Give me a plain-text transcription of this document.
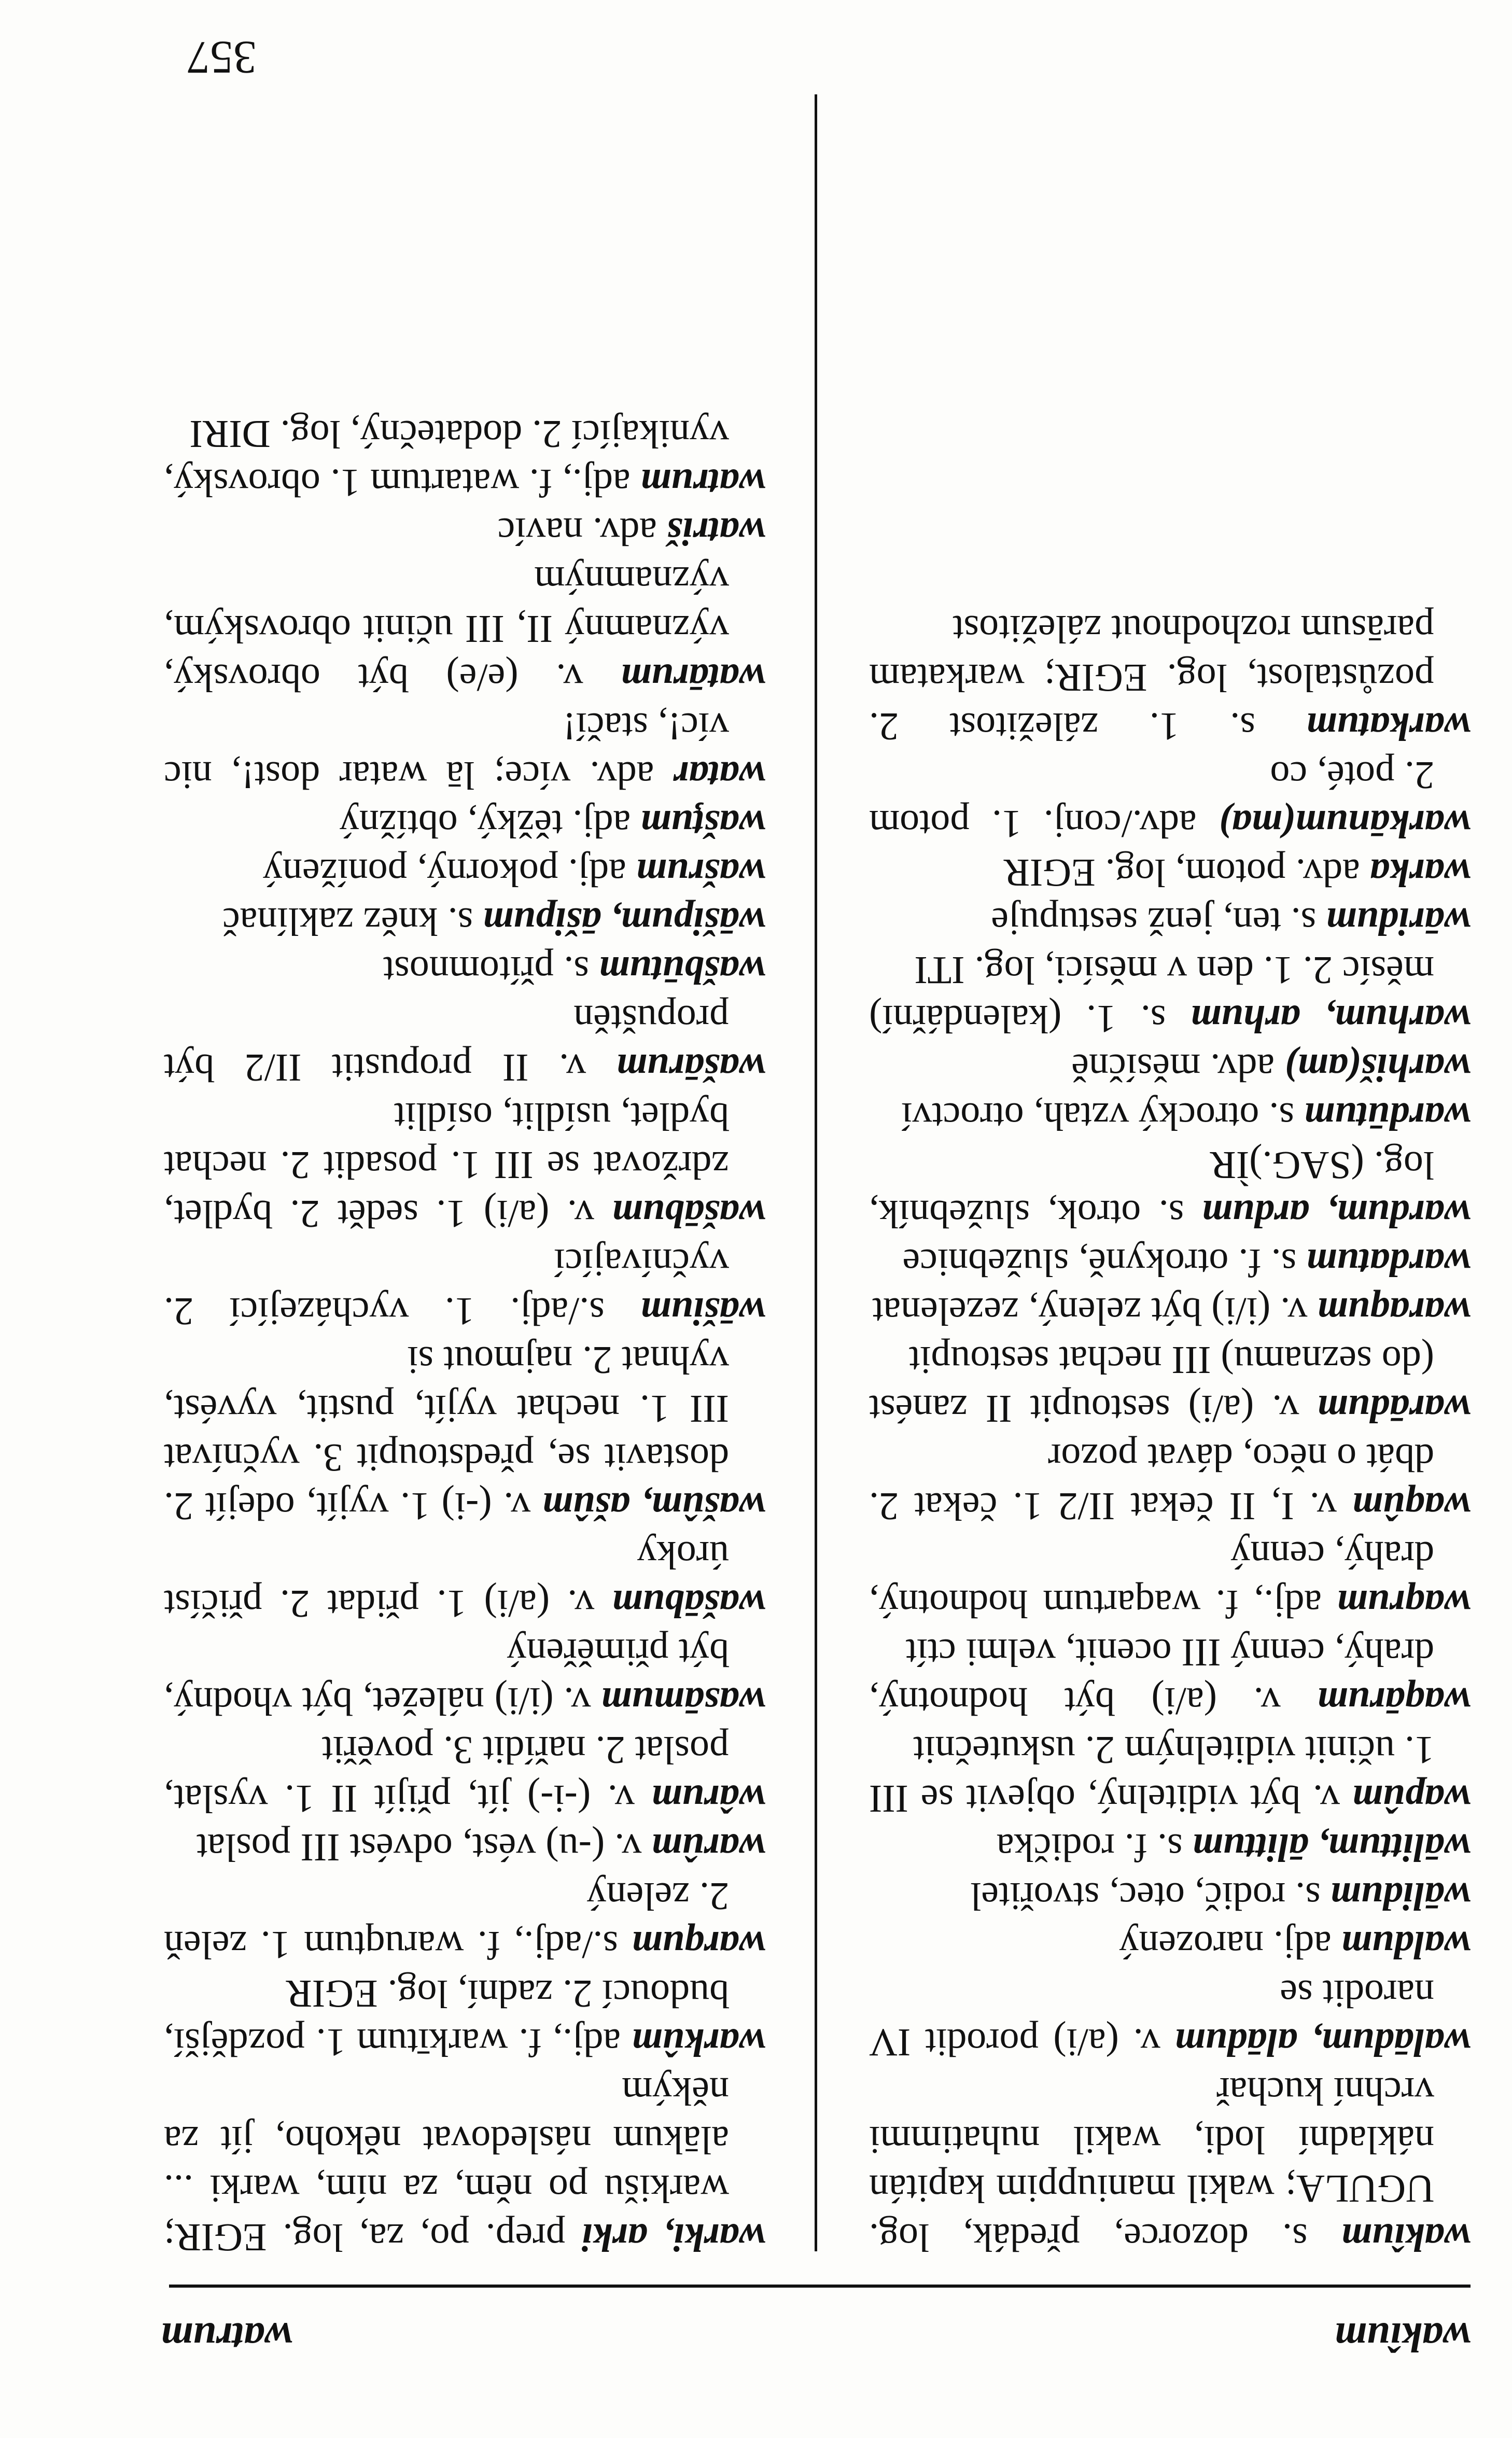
wakîum
watrum

wakîum s. dozorce, předák, log. UGULA; wakil maniuppim kapitán nákladní lodi, wakil nuhatimmi vrchní kuchař

walādum, alādum v. (a/i) porodit IV narodit se

waldum adj. narozený

wālidum s. rodič, otec, stvořitel

wālittum, ālittum s. f. rodička

wapûm v. být viditelný, objevit se III 1. učinit viditelným 2. uskutečnit

waqārum v. (a/i) být hodnotný, drahý, cenný III ocenit, velmi ctít

waqrum adj., f. waqartum hodnotný, drahý, cenný

waqûm v. I, II čekat II/2 1. čekat 2. dbát o něco, dávat pozor

warādum v. (a/i) sestoupit II zanést (do seznamu) III nechat sestoupit

waraqum v. (i/i) být zelený, zezelenat

wardatum s. f. otrokyně, služebnice

wardum, ardum s. otrok, služebník, log. (SAG.)ÌR

wardūtum s. otrocký vztah, otroctví

warhiš(am) adv. měsíčně

warhum, arhum s. 1. (kalendářní) měsíc 2. 1. den v měsíci, log. ITI

wāridum s. ten, jenž sestupuje

warka adv. potom, log. EGIR

warkānum(ma) adv./conj. 1. potom 2. poté, co

warkatum s. 1. záležitost 2. pozůstalost, log. EGIR; warkatam parāsum rozhodnout záležitost

warki, arki prep. po, za, log. EGIR; warkišu po něm, za ním, warki ... alākum následovat někoho, jít za někým

warkûm adj., f. warkītum 1. pozdější, budoucí 2. zadní, log. EGIR

warqum s./adj., f. waruqtum 1. zeleň 2. zelený

warûm v. (-u) vést, odvést III poslat

wârum v. (-i-) jít, přijít II 1. vyslat, poslat 2. nařídit 3. pověřit

wasāmum v. (i/i) náležet, být vhodný, být přiměřený

wašābum v. (a/i) 1. přidat 2. přičíst úroky

wašûm, ašûm v. (-i) 1. vyjít, odejít 2. dostavit se, předstoupit 3. vyčnívat III 1. nechat vyjít, pustit, vyvést, vyhnat 2. najmout si

wāšium s./adj. 1. vycházející 2. vyčnívající

wašābum v. (a/i) 1. sedět 2. bydlet, zdržovat se III 1. posadit 2. nechat bydlet, usídlit, osídlit

wašārum v. II propustit II/2 být propuštěn

wašbūtum s. přítomnost

wāšipum, āšipum s. kněz zaklínač

wašrum adj. pokorný, ponížený

wašţum adj. těžký, obtížný

watar adv. více; lā watar dost!, nic víc!, stačí!

watārum v. (e/e) být obrovský, významný II, III učinit obrovským, významným

watriš adv. navíc

watrum adj., f. watartum 1. obrovský, vynikající 2. dodatečný, log. DIRI

357
